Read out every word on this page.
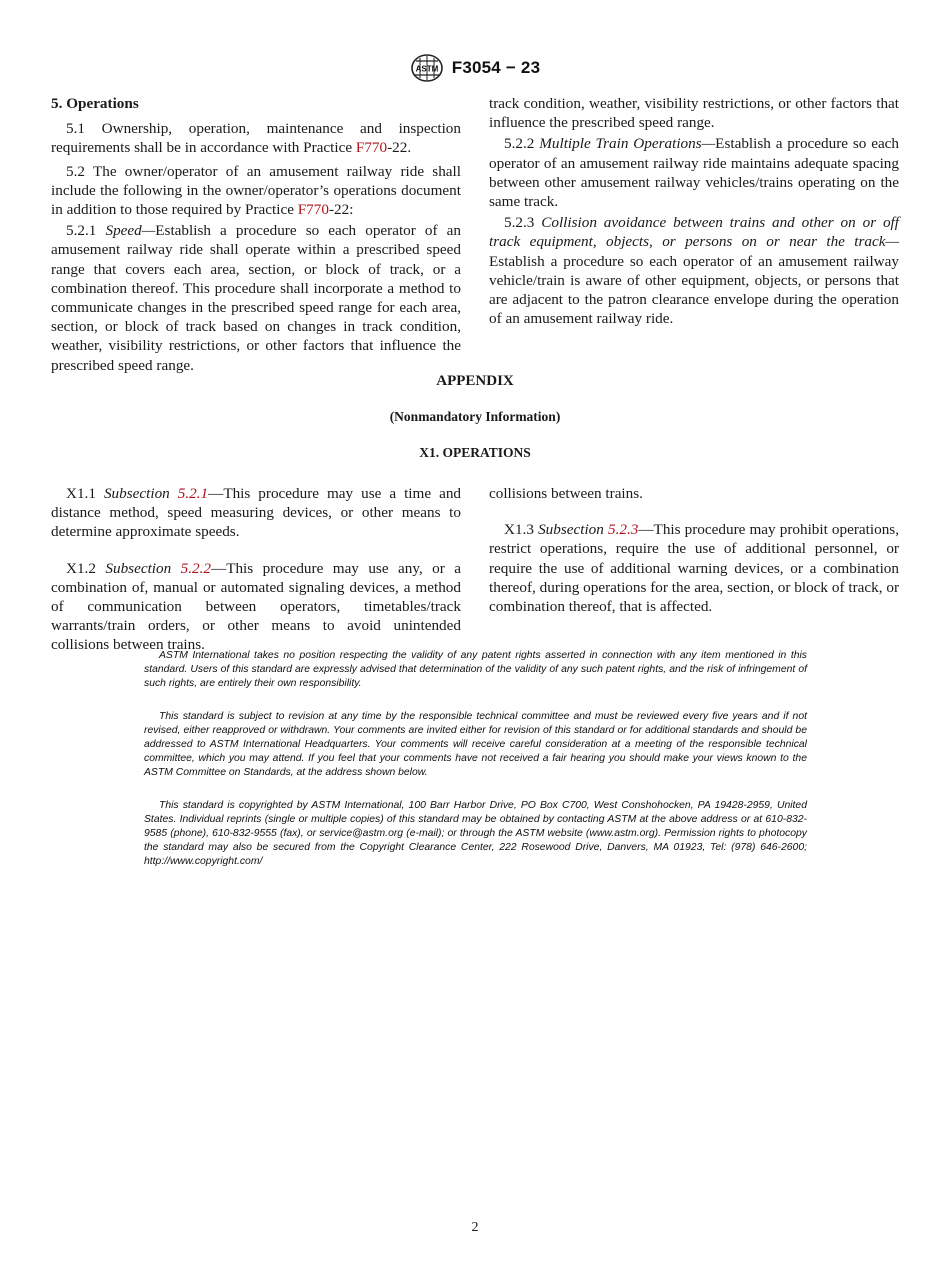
ASTM F3054 − 23

5. Operations

5.1 Ownership, operation, maintenance and inspection requirements shall be in accordance with Practice F770-22.

5.2 The owner/operator of an amusement railway ride shall include the following in the owner/operator’s operations document in addition to those required by Practice F770-22:

5.2.1 Speed—Establish a procedure so each operator of an amusement railway ride shall operate within a prescribed speed range that covers each area, section, or block of track, or a combination thereof. This procedure shall incorporate a method to communicate changes in the prescribed speed range for each area, section, or block of track based on changes in track condition, weather, visibility restrictions, or other factors that influence the prescribed speed range.

track condition, weather, visibility restrictions, or other factors that influence the prescribed speed range.

5.2.2 Multiple Train Operations—Establish a procedure so each operator of an amusement railway ride maintains adequate spacing between other amusement railway vehicles/trains operating on the same track.

5.2.3 Collision avoidance between trains and other on or off track equipment, objects, or persons on or near the track—Establish a procedure so each operator of an amusement railway vehicle/train is aware of other equipment, objects, or persons that are adjacent to the patron clearance envelope during the operation of an amusement railway ride.

APPENDIX
(Nonmandatory Information)
X1. OPERATIONS

X1.1 Subsection 5.2.1—This procedure may use a time and distance method, speed measuring devices, or other means to determine approximate speeds.

X1.2 Subsection 5.2.2—This procedure may use any, or a combination of, manual or automated signaling devices, a method of communication between operators, timetables/track warrants/train orders, or other means to avoid unintended collisions between trains.

collisions between trains.

X1.3 Subsection 5.2.3—This procedure may prohibit operations, restrict operations, require the use of additional personnel, or require the use of additional warning devices, or a combination thereof, during operations for the area, section, or block of track, or combination thereof, that is affected.

ASTM International takes no position respecting the validity of any patent rights asserted in connection with any item mentioned in this standard. Users of this standard are expressly advised that determination of the validity of any such patent rights, and the risk of infringement of such rights, are entirely their own responsibility.

This standard is subject to revision at any time by the responsible technical committee and must be reviewed every five years and if not revised, either reapproved or withdrawn. Your comments are invited either for revision of this standard or for additional standards and should be addressed to ASTM International Headquarters. Your comments will receive careful consideration at a meeting of the responsible technical committee, which you may attend. If you feel that your comments have not received a fair hearing you should make your views known to the ASTM Committee on Standards, at the address shown below.

This standard is copyrighted by ASTM International, 100 Barr Harbor Drive, PO Box C700, West Conshohocken, PA 19428-2959, United States. Individual reprints (single or multiple copies) of this standard may be obtained by contacting ASTM at the above address or at 610-832-9585 (phone), 610-832-9555 (fax), or service@astm.org (e-mail); or through the ASTM website (www.astm.org). Permission rights to photocopy the standard may also be secured from the Copyright Clearance Center, 222 Rosewood Drive, Danvers, MA 01923, Tel: (978) 646-2600; http://www.copyright.com/

2
